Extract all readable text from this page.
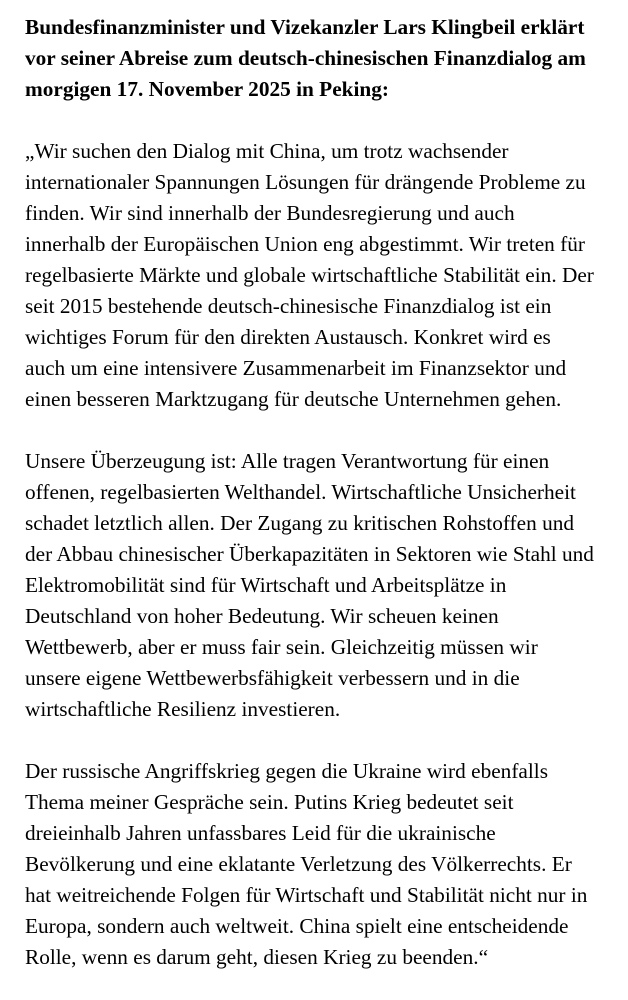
Bundesfinanzminister und Vizekanzler Lars Klingbeil erklärt
vor seiner Abreise zum deutsch-chinesischen Finanzdialog am
morgigen 17. November 2025 in Peking:

„Wir suchen den Dialog mit China, um trotz wachsender
internationaler Spannungen Lösungen für drängende Probleme zu
finden. Wir sind innerhalb der Bundesregierung und auch
innerhalb der Europäischen Union eng abgestimmt. Wir treten für
regelbasierte Märkte und globale wirtschaftliche Stabilität ein. Der
seit 2015 bestehende deutsch-chinesische Finanzdialog ist ein
wichtiges Forum für den direkten Austausch. Konkret wird es
auch um eine intensivere Zusammenarbeit im Finanzsektor und
einen besseren Marktzugang für deutsche Unternehmen gehen.

Unsere Überzeugung ist: Alle tragen Verantwortung für einen
offenen, regelbasierten Welthandel. Wirtschaftliche Unsicherheit
schadet letztlich allen. Der Zugang zu kritischen Rohstoffen und
der Abbau chinesischer Überkapazitäten in Sektoren wie Stahl und
Elektromobilität sind für Wirtschaft und Arbeitsplätze in
Deutschland von hoher Bedeutung. Wir scheuen keinen
Wettbewerb, aber er muss fair sein. Gleichzeitig müssen wir
unsere eigene Wettbewerbsfähigkeit verbessern und in die
wirtschaftliche Resilienz investieren.

Der russische Angriffskrieg gegen die Ukraine wird ebenfalls
Thema meiner Gespräche sein. Putins Krieg bedeutet seit
dreieinhalb Jahren unfassbares Leid für die ukrainische
Bevölkerung und eine eklatante Verletzung des Völkerrechts. Er
hat weitreichende Folgen für Wirtschaft und Stabilität nicht nur in
Europa, sondern auch weltweit. China spielt eine entscheidende
Rolle, wenn es darum geht, diesen Krieg zu beenden.“
